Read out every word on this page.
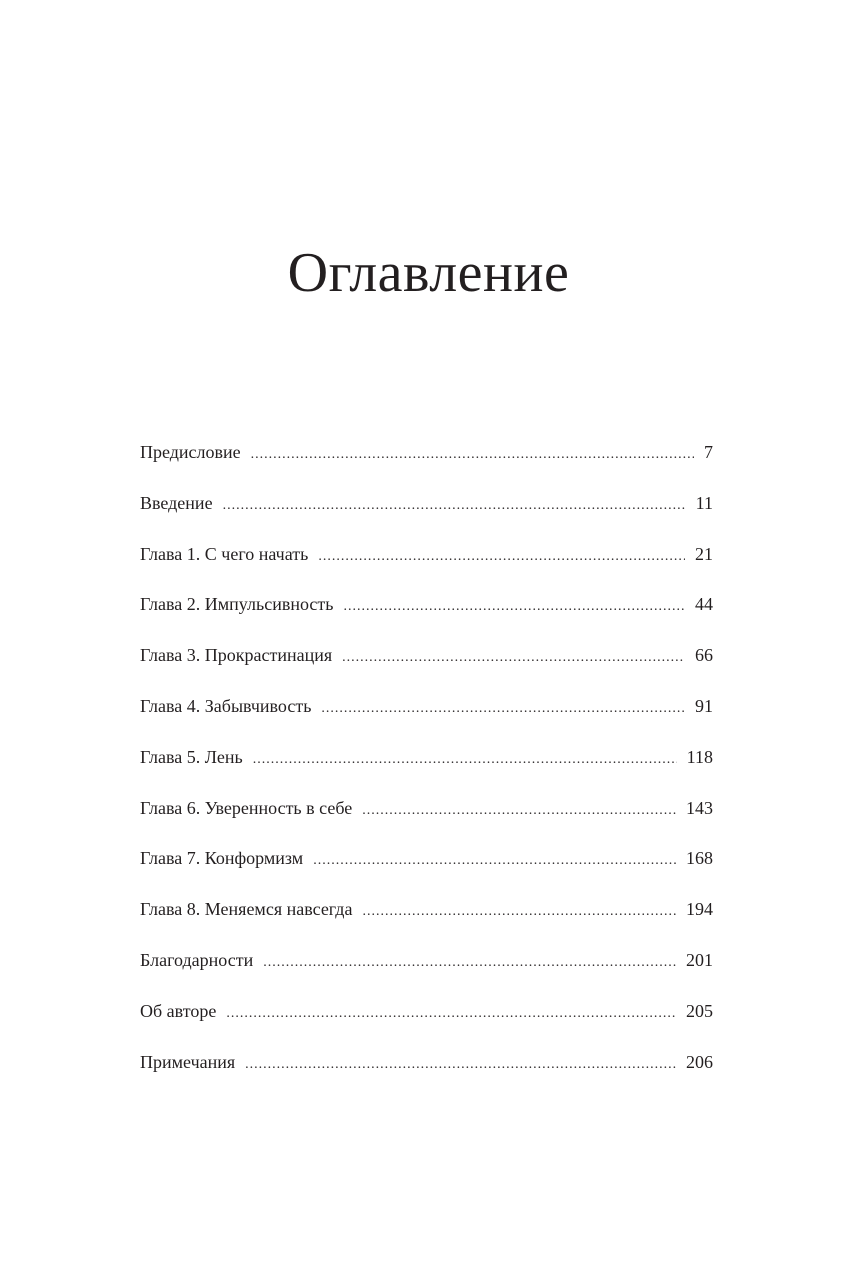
Оглавление
Предисловие .....	7
Введение .....	11
Глава 1. С чего начать .....	21
Глава 2. Импульсивность .....	44
Глава 3. Прокрастинация .....	66
Глава 4. Забывчивость .....	91
Глава 5. Лень .....	118
Глава 6. Уверенность в себе .....	143
Глава 7. Конформизм .....	168
Глава 8. Меняемся навсегда .....	194
Благодарности .....	201
Об авторе .....	205
Примечания .....	206
